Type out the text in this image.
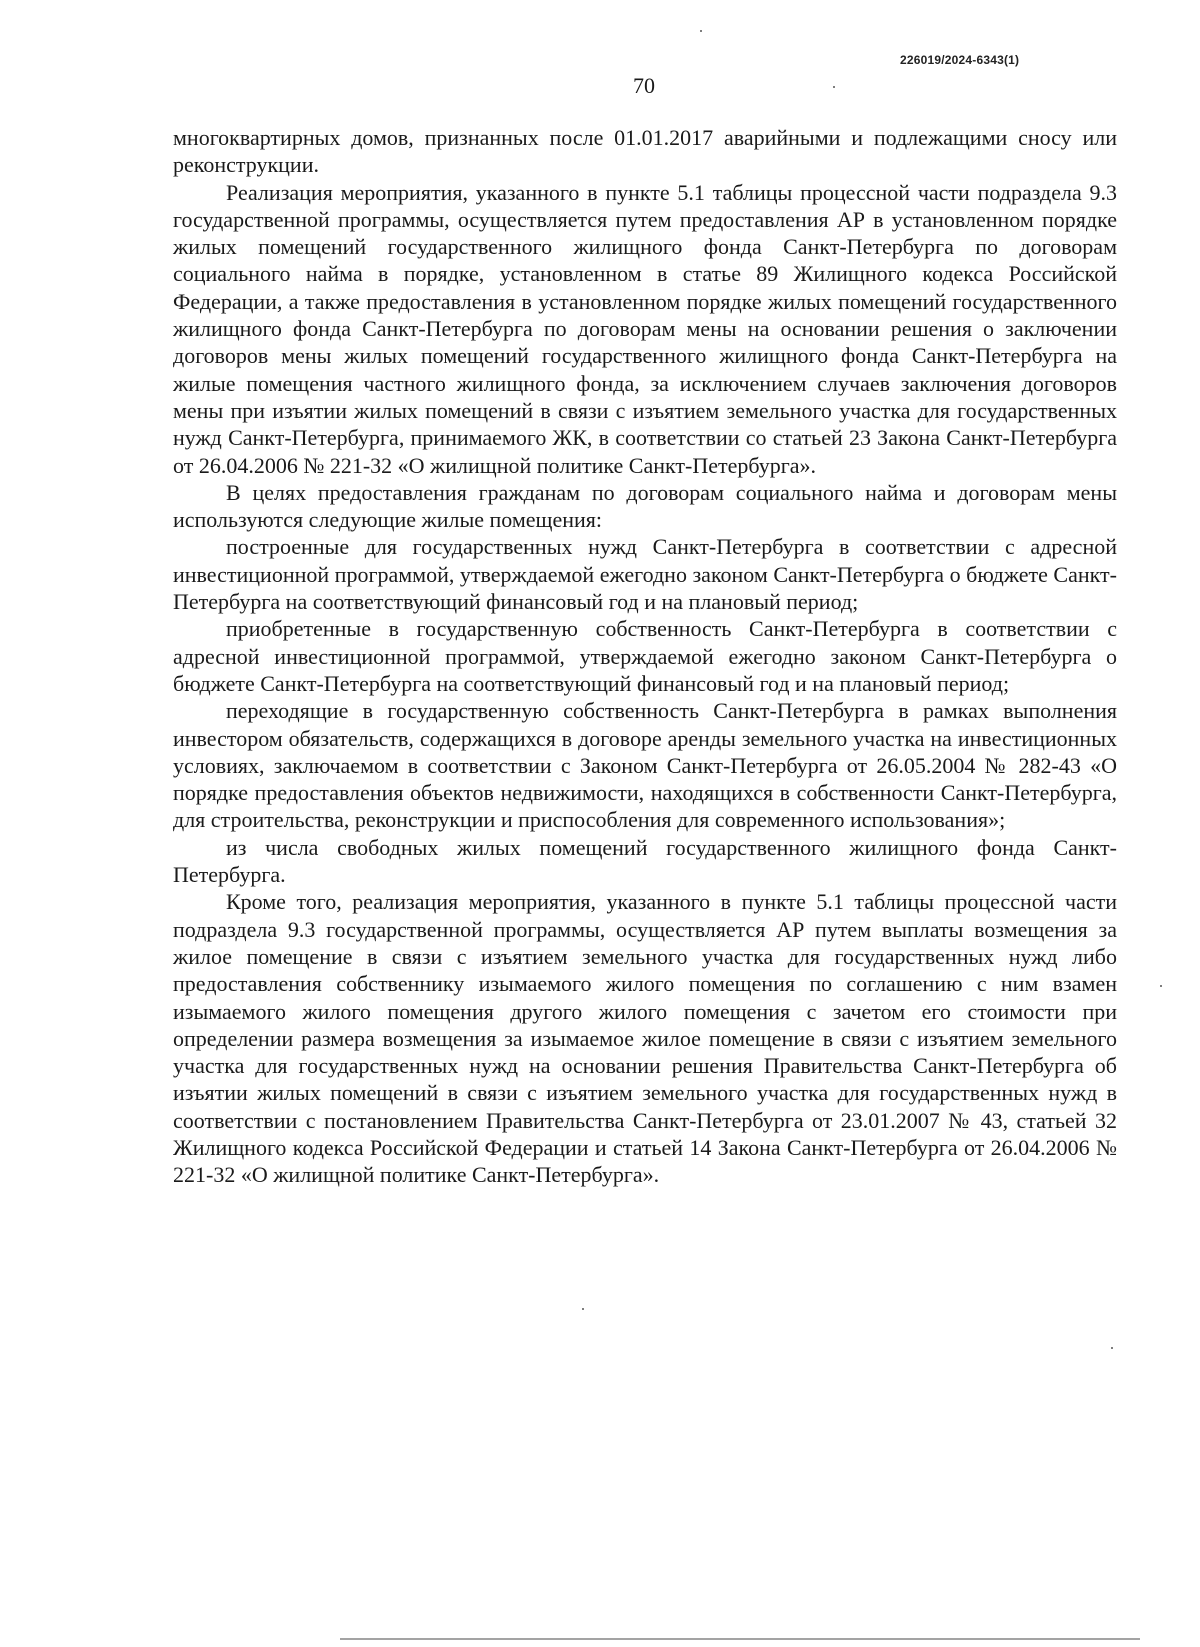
226019/2024-6343(1)
70

многоквартирных домов, признанных после 01.01.2017 аварийными и подлежащими сносу или реконструкции.

Реализация мероприятия, указанного в пункте 5.1 таблицы процессной части подраздела 9.3 государственной программы, осуществляется путем предоставления АР в установленном порядке жилых помещений государственного жилищного фонда Санкт-Петербурга по договорам социального найма в порядке, установленном в статье 89 Жилищного кодекса Российской Федерации, а также предоставления в установленном порядке жилых помещений государственного жилищного фонда Санкт-Петербурга по договорам мены на основании решения о заключении договоров мены жилых помещений государственного жилищного фонда Санкт-Петербурга на жилые помещения частного жилищного фонда, за исключением случаев заключения договоров мены при изъятии жилых помещений в связи с изъятием земельного участка для государственных нужд Санкт-Петербурга, принимаемого ЖК, в соответствии со статьей 23 Закона Санкт-Петербурга от 26.04.2006 № 221-32 «О жилищной политике Санкт-Петербурга».

В целях предоставления гражданам по договорам социального найма и договорам мены используются следующие жилые помещения:

построенные для государственных нужд Санкт-Петербурга в соответствии с адресной инвестиционной программой, утверждаемой ежегодно законом Санкт-Петербурга о бюджете Санкт-Петербурга на соответствующий финансовый год и на плановый период;

приобретенные в государственную собственность Санкт-Петербурга в соответствии с адресной инвестиционной программой, утверждаемой ежегодно законом Санкт-Петербурга о бюджете Санкт-Петербурга на соответствующий финансовый год и на плановый период;

переходящие в государственную собственность Санкт-Петербурга в рамках выполнения инвестором обязательств, содержащихся в договоре аренды земельного участка на инвестиционных условиях, заключаемом в соответствии с Законом Санкт-Петербурга от 26.05.2004 № 282-43 «О порядке предоставления объектов недвижимости, находящихся в собственности Санкт-Петербурга, для строительства, реконструкции и приспособления для современного использования»;

из числа свободных жилых помещений государственного жилищного фонда Санкт-Петербурга.

Кроме того, реализация мероприятия, указанного в пункте 5.1 таблицы процессной части подраздела 9.3 государственной программы, осуществляется АР путем выплаты возмещения за жилое помещение в связи с изъятием земельного участка для государственных нужд либо предоставления собственнику изымаемого жилого помещения по соглашению с ним взамен изымаемого жилого помещения другого жилого помещения с зачетом его стоимости при определении размера возмещения за изымаемое жилое помещение в связи с изъятием земельного участка для государственных нужд на основании решения Правительства Санкт-Петербурга об изъятии жилых помещений в связи с изъятием земельного участка для государственных нужд в соответствии с постановлением Правительства Санкт-Петербурга от 23.01.2007 № 43, статьей 32 Жилищного кодекса Российской Федерации и статьей 14 Закона Санкт-Петербурга от 26.04.2006 № 221-32 «О жилищной политике Санкт-Петербурга».
